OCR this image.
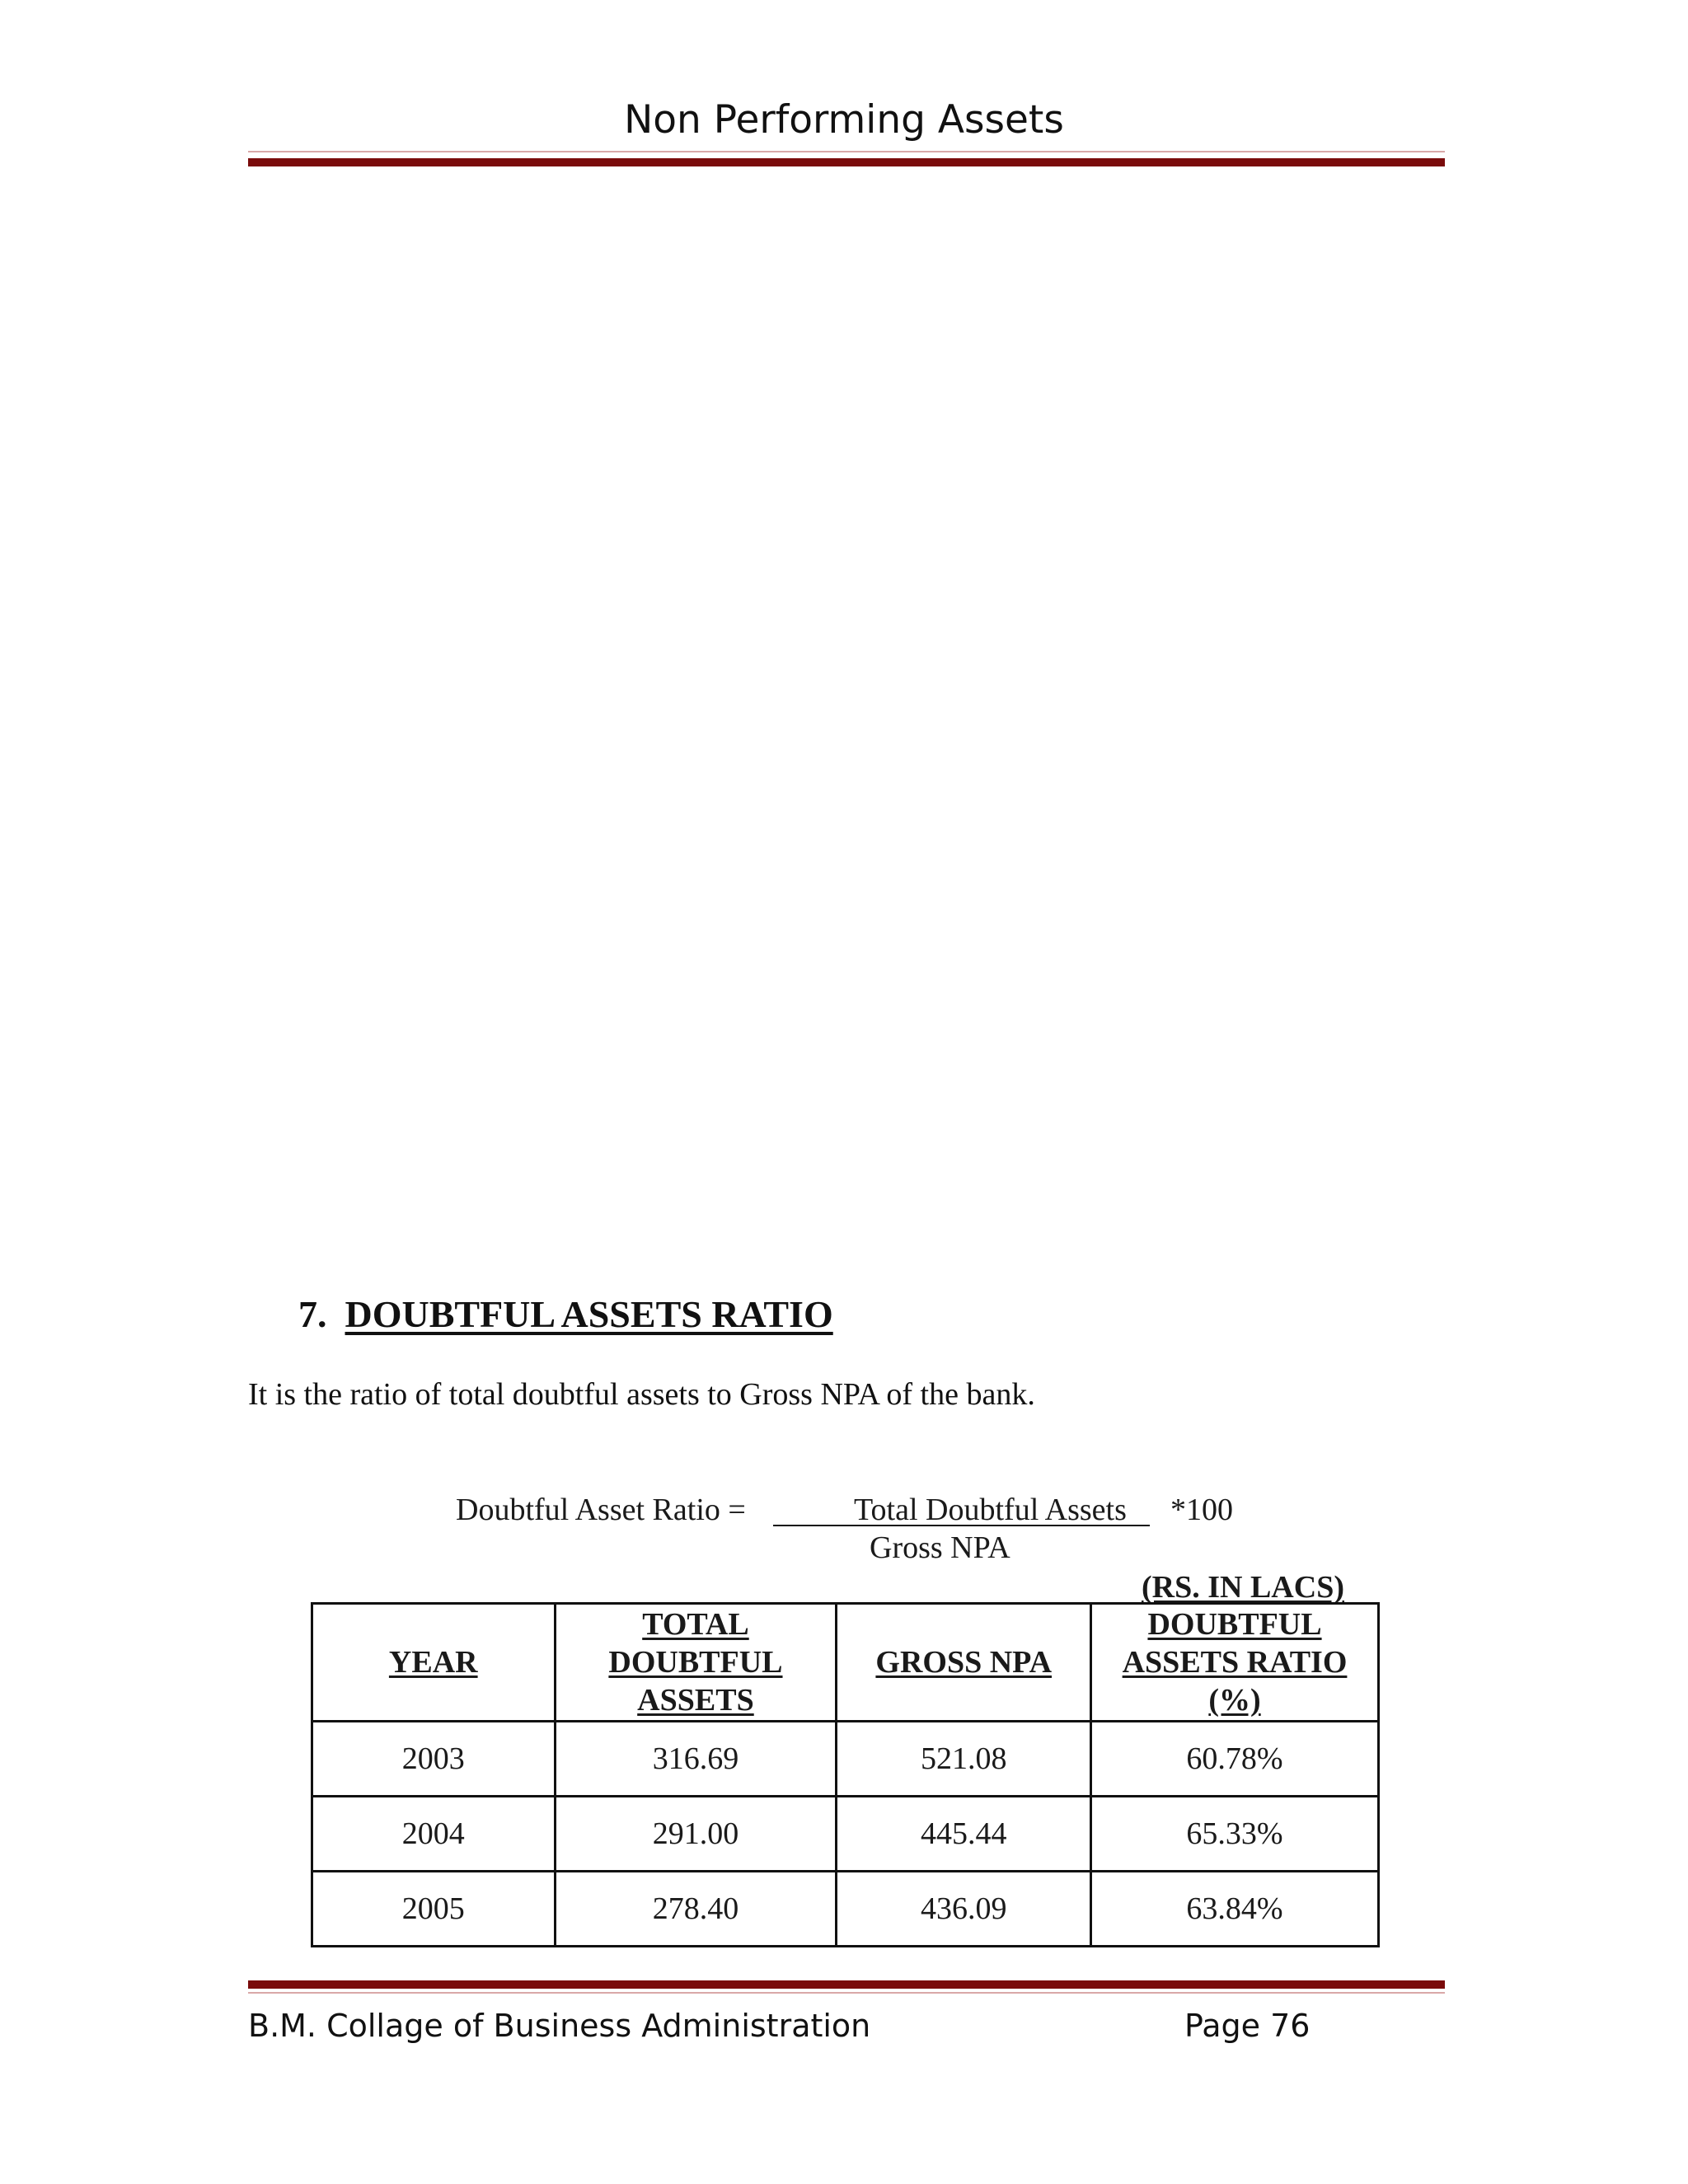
Non Performing Assets
7. DOUBTFUL ASSETS RATIO
It is the ratio of total doubtful assets to Gross NPA of the bank.
Doubtful Asset Ratio =	Total Doubtful Assets *100
Gross NPA
(RS. IN LACS)
YEAR	TOTAL DOUBTFUL ASSETS	GROSS NPA	DOUBTFUL ASSETS RATIO (%)
2003	316.69	521.08	60.78%
2004	291.00	445.44	65.33%
2005	278.40	436.09	63.84%
B.M. Collage of Business Administration	Page 76
